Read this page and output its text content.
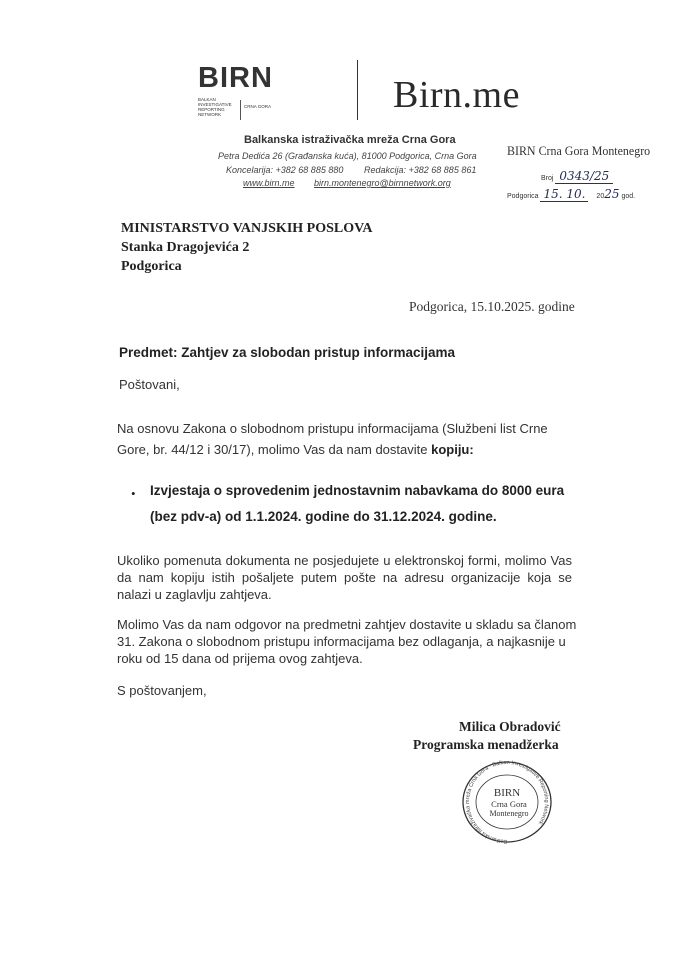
BIRN
BALKAN
INVESTIGATIVE
REPORTING
NETWORK
CRNA GORA	Birn.me
Balkanska istraživačka mreža Crna Gora
Petra Dedića 26 (Građanska kuća), 81000 Podgorica, Crna Gora
Koncelarija: +382 68 885 880 Redakcija: +382 68 885 861
www.birn.me birn.montenegro@birnnetwork.org
BIRN Crna Gora Montenegro
Broj 0343/25
Podgorica 15. 10. 2025 god.
MINISTARSTVO VANJSKIH POSLOVA
Stanka Dragojevića 2
Podgorica
Podgorica, 15.10.2025. godine
Predmet: Zahtjev za slobodan pristup informacijama
Poštovani,
Na osnovu Zakona o slobodnom pristupu informacijama (Službeni list Crne Gore, br. 44/12 i 30/17), molimo Vas da nam dostavite kopiju:
•	Izvjestaja o sprovedenim jednostavnim nabavkama do 8000 eura (bez pdv-a) od 1.1.2024. godine do 31.12.2024. godine.
Ukoliko pomenuta dokumenta ne posjedujete u elektronskoj formi, molimo Vas da nam kopiju istih pošaljete putem pošte na adresu organizacije koja se nalazi u zaglavlju zahtjeva.
Molimo Vas da nam odgovor na predmetni zahtjev dostavite u skladu sa članom 31. Zakona o slobodnom pristupu informacijama bez odlaganja, a najkasnije u roku od 15 dana od prijema ovog zahtjeva.
S poštovanjem,
Milica Obradović
Programska menadžerka
Balkanska istraživačka mreža Crna Gora · Balkan Investigative Reporting Network
BIRN
Crna Gora
Montenegro
